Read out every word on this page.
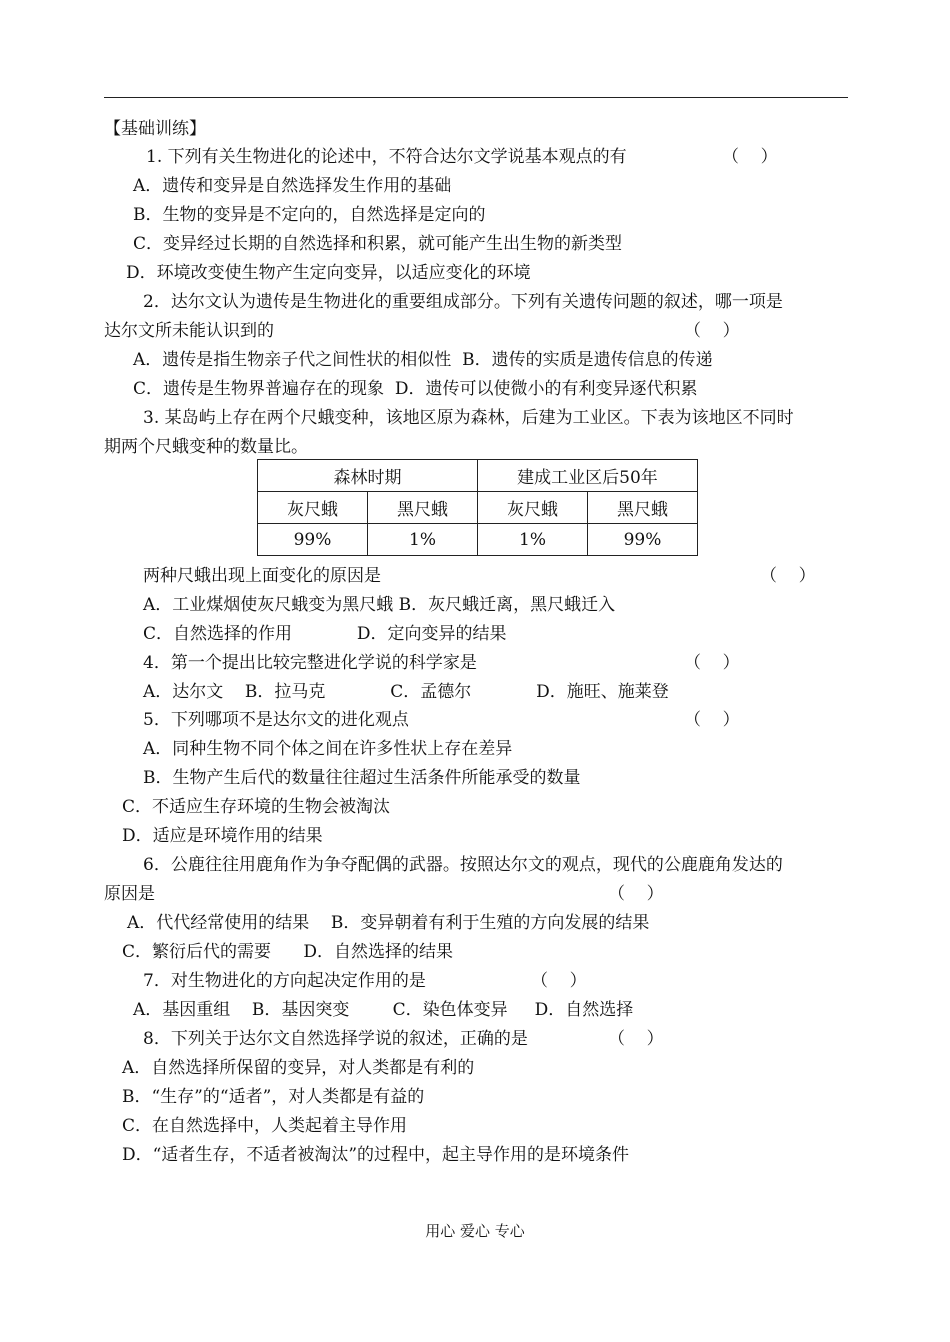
【基础训练】
1. 下列有关生物进化的论述中，不符合达尔文学说基本观点的有	（    ）
A．遗传和变异是自然选择发生作用的基础
B．生物的变异是不定向的，自然选择是定向的
C．变异经过长期的自然选择和积累，就可能产生出生物的新类型
D．环境改变使生物产生定向变异，以适应变化的环境
2．达尔文认为遗传是生物进化的重要组成部分。下列有关遗传问题的叙述，哪一项是
达尔文所未能认识到的	（    ）
A．遗传是指生物亲子代之间性状的相似性  B．遗传的实质是遗传信息的传递
C．遗传是生物界普遍存在的现象  D．遗传可以使微小的有利变异逐代积累
3. 某岛屿上存在两个尺蛾变种，该地区原为森林，后建为工业区。下表为该地区不同时
期两个尺蛾变种的数量比。
森林时期		建成工业区后50年	
灰尺蛾	黑尺蛾	灰尺蛾	黑尺蛾
99%	1%	1%	99%
两种尺蛾出现上面变化的原因是	（    ）
A．工业煤烟使灰尺蛾变为黑尺蛾 B．灰尺蛾迁离，黑尺蛾迁入
C．自然选择的作用            D．定向变异的结果
4．第一个提出比较完整进化学说的科学家是	（    ）
A．达尔文    B．拉马克            C．孟德尔            D．施旺、施莱登
5．下列哪项不是达尔文的进化观点	（    ）
A．同种生物不同个体之间在许多性状上存在差异
B．生物产生后代的数量往往超过生活条件所能承受的数量
C．不适应生存环境的生物会被淘汰
D．适应是环境作用的结果
6．公鹿往往用鹿角作为争夺配偶的武器。按照达尔文的观点，现代的公鹿鹿角发达的
原因是	（    ）
A．代代经常使用的结果    B．变异朝着有利于生殖的方向发展的结果
C．繁衍后代的需要      D．自然选择的结果
7．对生物进化的方向起决定作用的是	（    ）
A．基因重组    B．基因突变        C．染色体变异     D．自然选择
8．下列关于达尔文自然选择学说的叙述，正确的是	（    ）
A．自然选择所保留的变异，对人类都是有利的
B．“生存”的“适者”，对人类都是有益的
C．在自然选择中，人类起着主导作用
D．“适者生存，不适者被淘汰”的过程中，起主导作用的是环境条件
用心 爱心 专心
